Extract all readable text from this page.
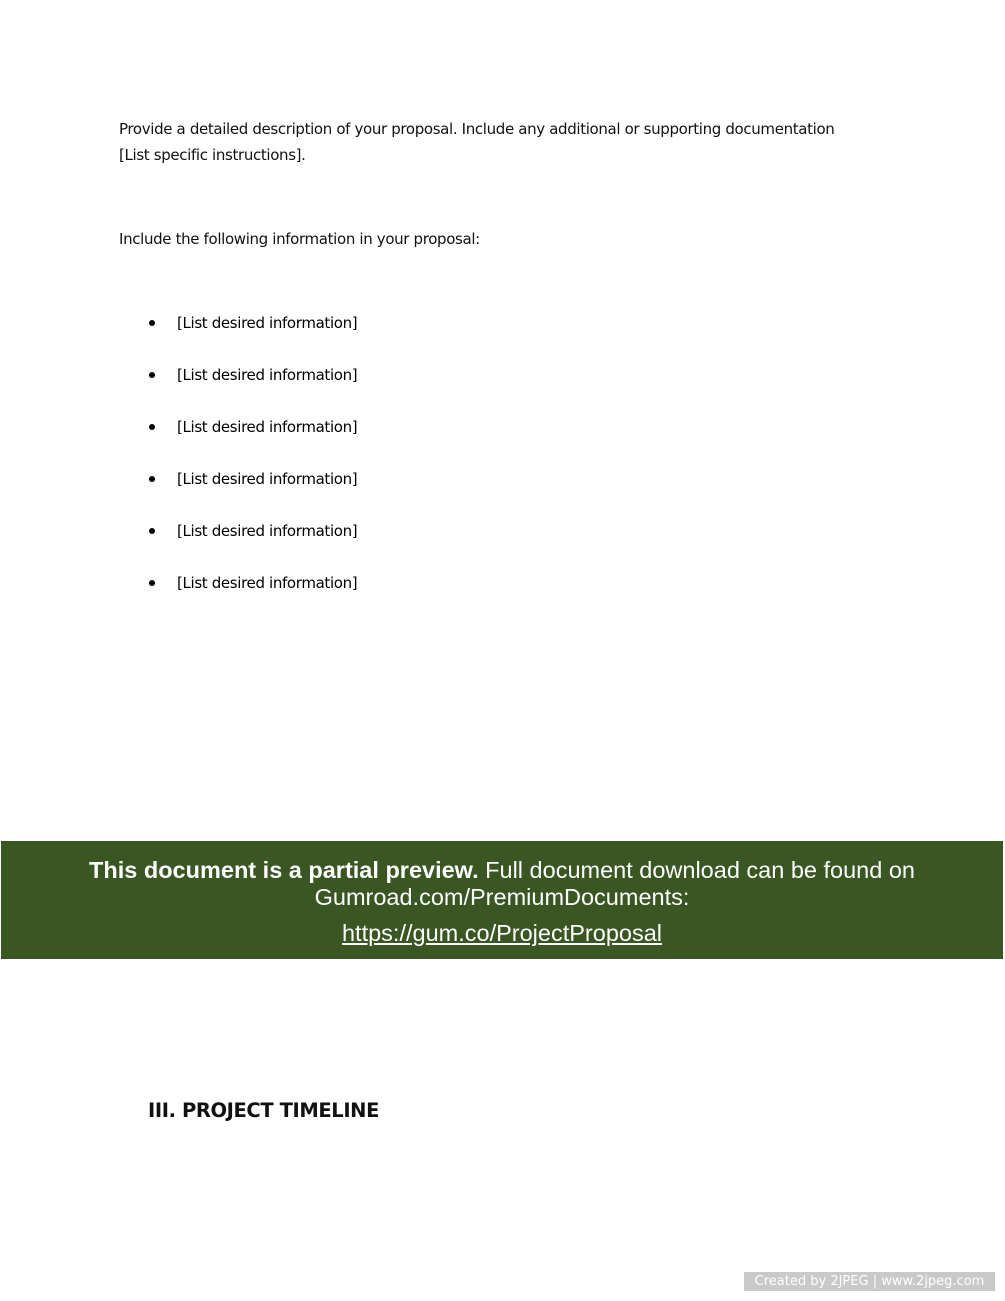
Provide a detailed description of your proposal. Include any additional or supporting documentation
[List specific instructions].
Include the following information in your proposal:
[List desired information]
[List desired information]
[List desired information]
[List desired information]
[List desired information]
[List desired information]
This document is a partial preview. Full document download can be found on
Gumroad.com/PremiumDocuments:
https://gum.co/ProjectProposal
III. PROJECT TIMELINE
Created by 2JPEG | www.2jpeg.com
